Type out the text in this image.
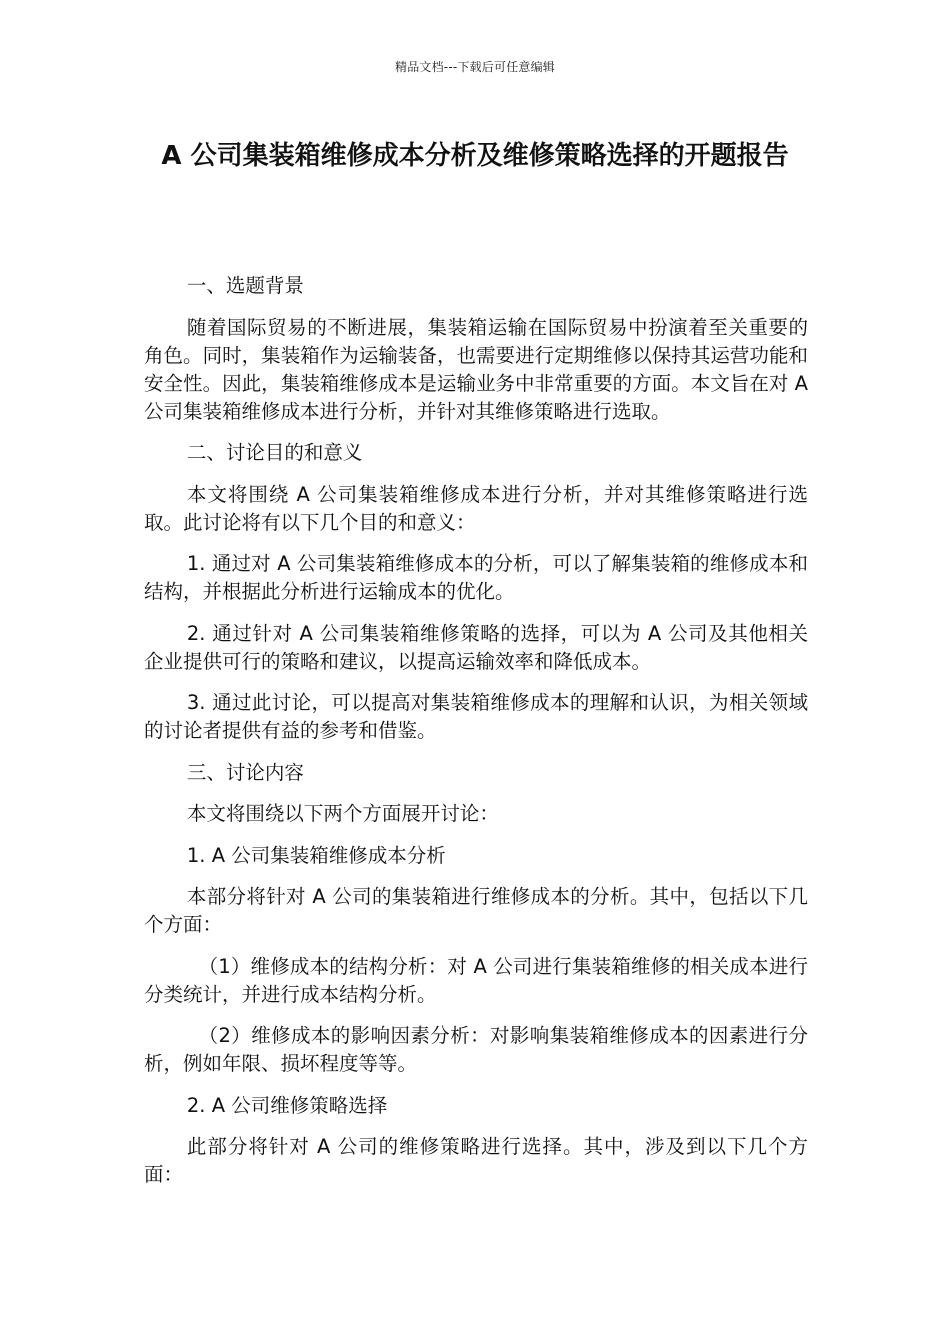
精品文档---下载后可任意编辑
A 公司集装箱维修成本分析及维修策略选择的开题报告

一、选题背景

随着国际贸易的不断进展，集装箱运输在国际贸易中扮演着至关重要的角色。同时，集装箱作为运输装备，也需要进行定期维修以保持其运营功能和安全性。因此，集装箱维修成本是运输业务中非常重要的方面。本文旨在对 A 公司集装箱维修成本进行分析，并针对其维修策略进行选取。

二、讨论目的和意义

本文将围绕 A 公司集装箱维修成本进行分析，并对其维修策略进行选取。此讨论将有以下几个目的和意义：

1. 通过对 A 公司集装箱维修成本的分析，可以了解集装箱的维修成本和结构，并根据此分析进行运输成本的优化。

2. 通过针对 A 公司集装箱维修策略的选择，可以为 A 公司及其他相关企业提供可行的策略和建议，以提高运输效率和降低成本。

3. 通过此讨论，可以提高对集装箱维修成本的理解和认识，为相关领域的讨论者提供有益的参考和借鉴。

三、讨论内容

本文将围绕以下两个方面展开讨论：

1. A 公司集装箱维修成本分析

本部分将针对 A 公司的集装箱进行维修成本的分析。其中，包括以下几个方面：

（1）维修成本的结构分析：对 A 公司进行集装箱维修的相关成本进行分类统计，并进行成本结构分析。

（2）维修成本的影响因素分析：对影响集装箱维修成本的因素进行分析，例如年限、损坏程度等等。

2. A 公司维修策略选择

此部分将针对 A 公司的维修策略进行选择。其中，涉及到以下几个方面：
